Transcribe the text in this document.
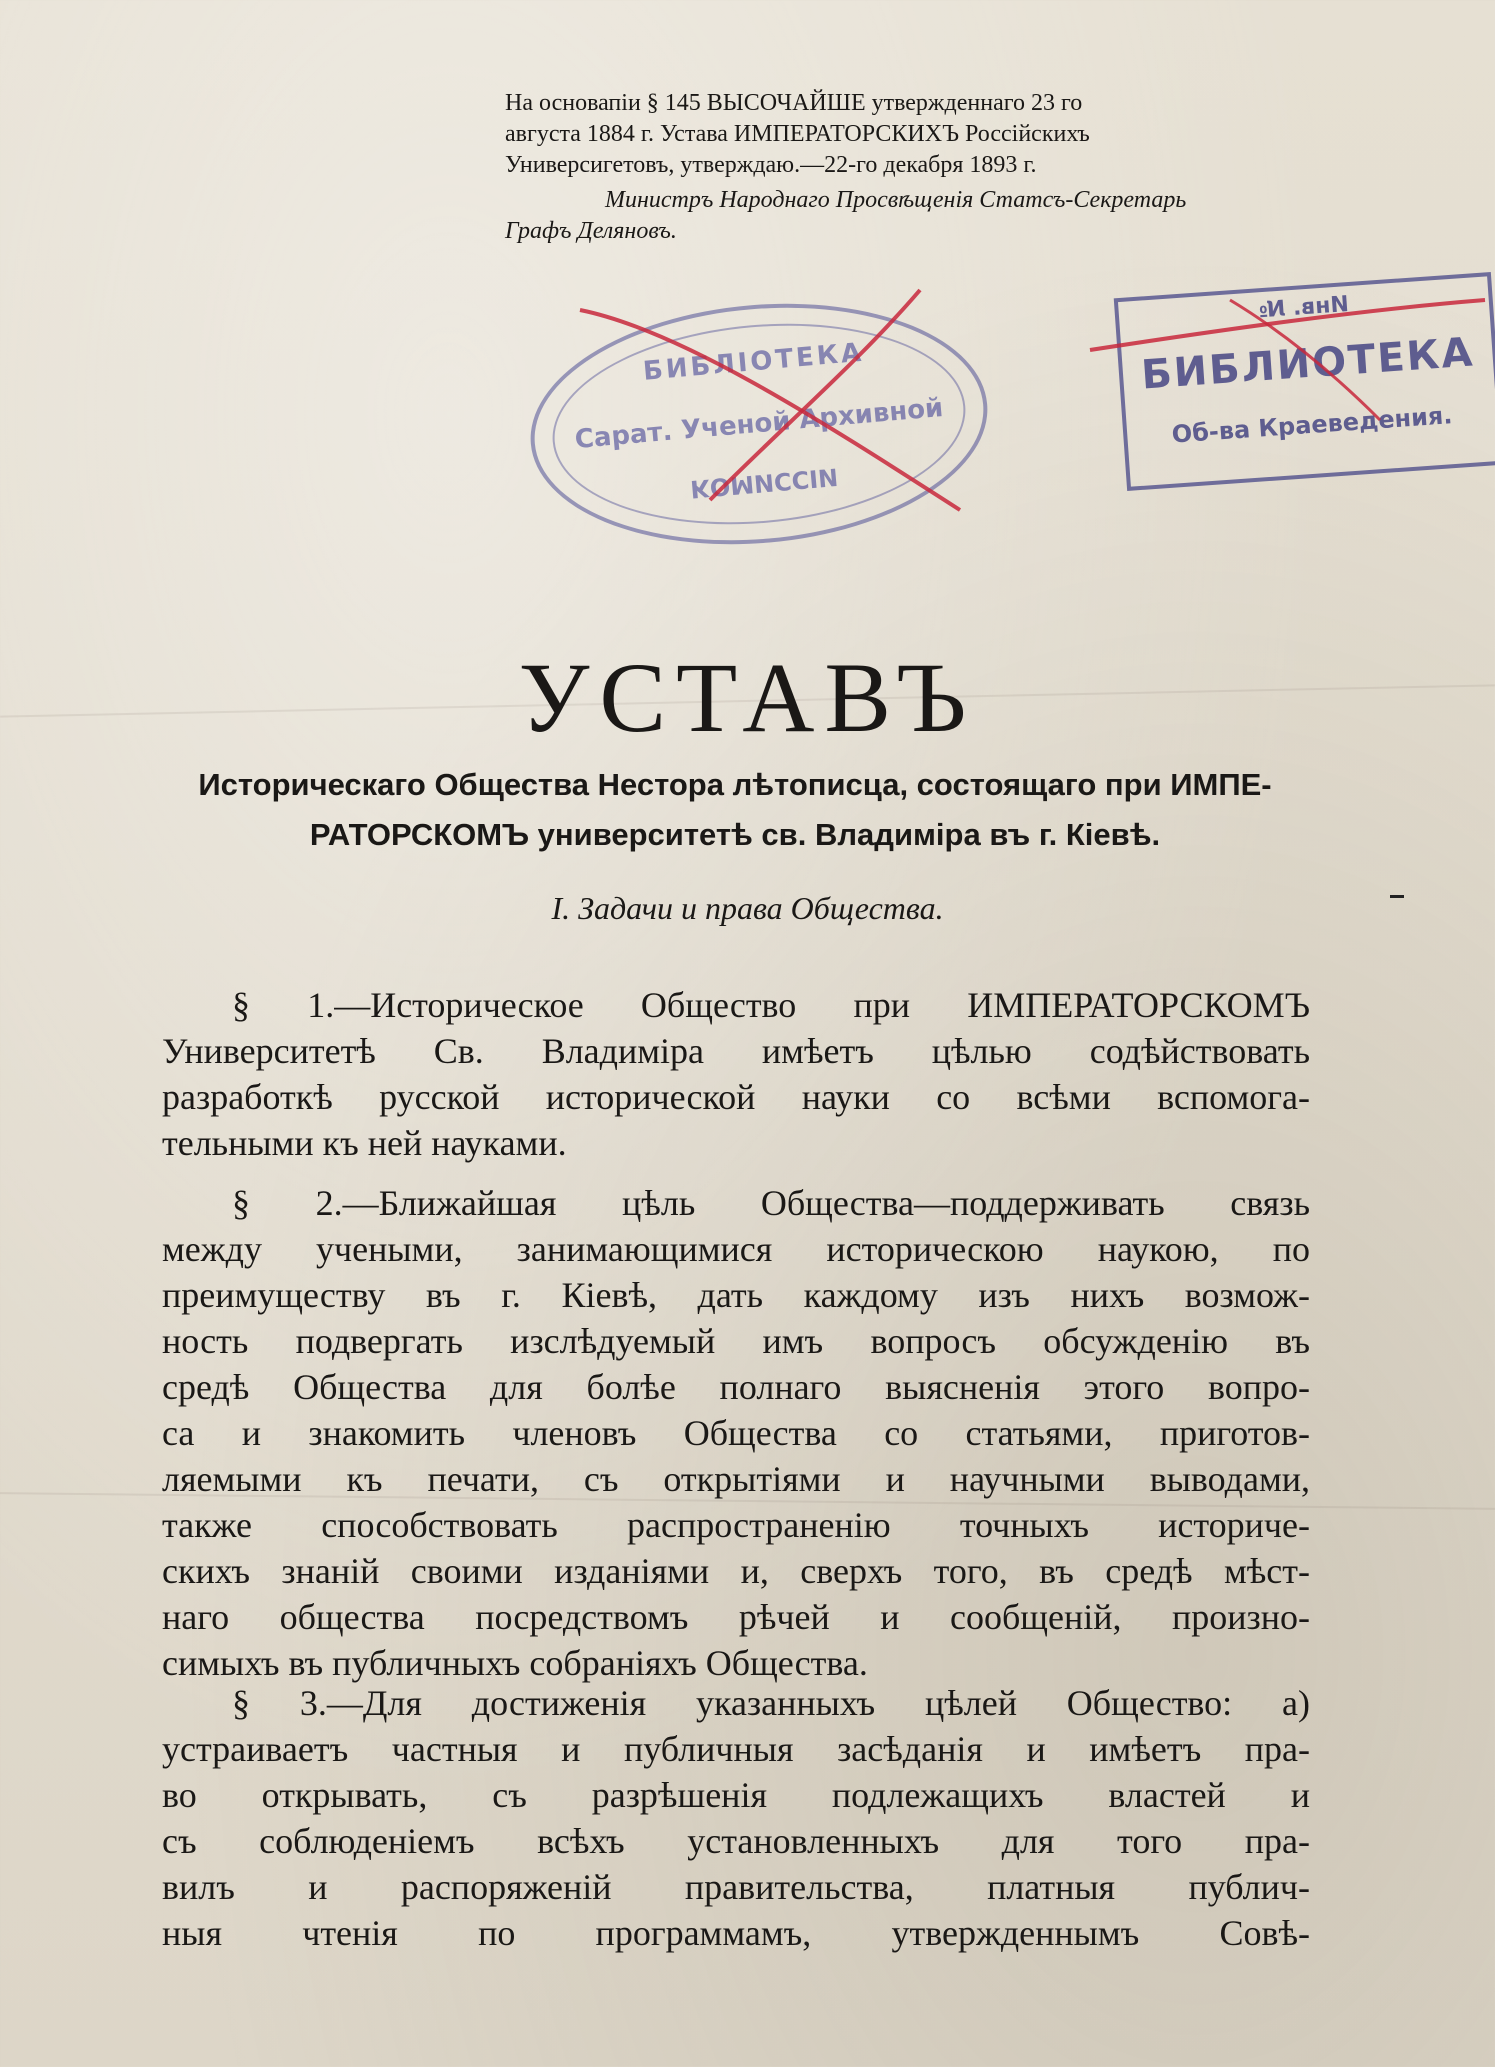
На основапіи § 145 ВЫСОЧАЙШЕ утвержденнаго 23 го
августа 1884 г. Устава ИМПЕРАТОРСКИХЪ Россійскихъ
Универсигетовъ, утверждаю.—22-го декабря 1893 г.
Министръ Народнаго Просвѣщенія Статсъ-Секретарь
Графъ Деляновъ.
БИБЛІОТЕКА
Сарат. Ученой Архивной
КОМИССІИ
Инв. №
БИБЛИОТЕКА
Об-ва Краеведения.
УСТАВЪ
Историческаго Общества Нестора лѣтописца, состоящаго при ИМПЕ-
РАТОРСКОМЪ университетѣ св. Владиміра въ г. Кіевѣ.
I. Задачи и права Общества.
§ 1.—Историческое Общество при ИМПЕРАТОРСКОМЪ
Университетѣ Св. Владиміра имѣетъ цѣлью содѣйствовать
разработкѣ русской исторической науки со всѣми вспомога-
тельными къ ней науками.
§ 2.—Ближайшая цѣль Общества—поддерживать связь
между учеными, занимающимися историческою наукою, по
преимуществу въ г. Кіевѣ, дать каждому изъ нихъ возмож-
ность подвергать изслѣдуемый имъ вопросъ обсужденію въ
средѣ Общества для болѣе полнаго выясненія этого вопро-
са и знакомить членовъ Общества со статьями, приготов-
ляемыми къ печати, съ открытіями и научными выводами,
также способствовать распространенію точныхъ историче-
скихъ знаній своими изданіями и, сверхъ того, въ средѣ мѣст-
наго общества посредствомъ рѣчей и сообщеній, произно-
симыхъ въ публичныхъ собраніяхъ Общества.
§ 3.—Для достиженія указанныхъ цѣлей Общество: а)
устраиваетъ частныя и публичныя засѣданія и имѣетъ пра-
во открывать, съ разрѣшенія подлежащихъ властей и
съ соблюденіемъ всѣхъ установленныхъ для того пра-
вилъ и распоряженій правительства, платныя публич-
ныя чтенія по программамъ, утвержденнымъ Совѣ-
